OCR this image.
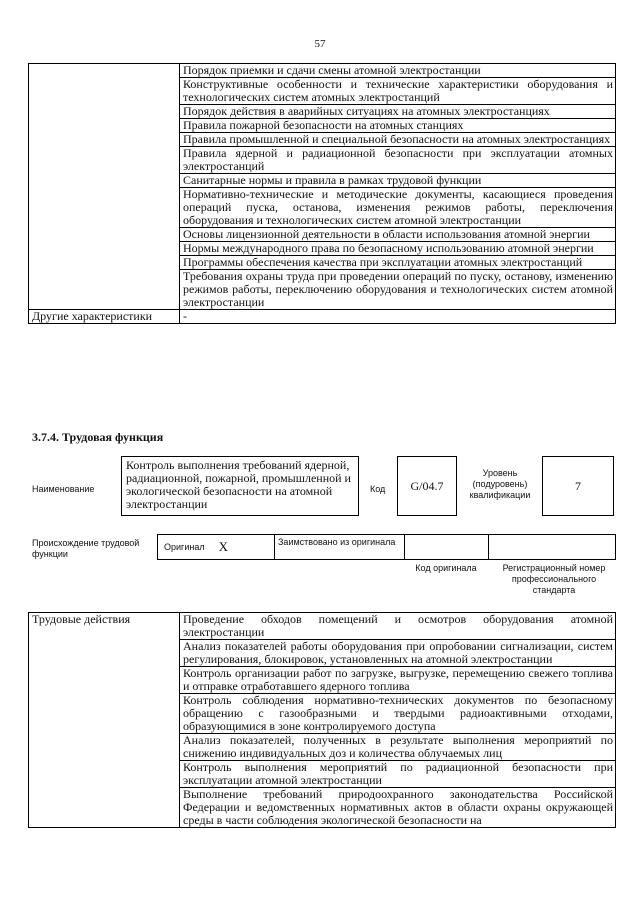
57
	Порядок приемки и сдачи смены атомной электростанции
	Конструктивные особенности и технические характеристики оборудования и технологических систем атомных электростанций
	Порядок действия в аварийных ситуациях на атомных электростанциях
	Правила пожарной безопасности на атомных станциях
	Правила промышленной и специальной безопасности на атомных электростанциях
	Правила ядерной и радиационной безопасности при эксплуатации атомных электростанций
	Санитарные нормы и правила в рамках трудовой функции
	Нормативно-технические и методические документы, касающиеся проведения операций пуска, останова, изменения режимов работы, переключения оборудования и технологических систем атомной электростанции
	Основы лицензионной деятельности в области использования атомной энергии
	Нормы международного права по безопасному использованию атомной энергии
	Программы обеспечения качества при эксплуатации атомных электростанций
	Требования охраны труда при проведении операций по пуску, останову, изменению режимов работы, переключению оборудования и технологических систем атомной электростанции
Другие характеристики	-
3.7.4. Трудовая функция
Наименование
Контроль выполнения требований ядерной, радиационной, пожарной, промышленной и экологической безопасности на атомной электростанции
Код	G/04.7
Уровень (подуровень) квалификации
7
Происхождение трудовой функции
Оригинал X	Заимствовано из оригинала
Код оригинала	Регистрационный номер профессионального стандарта
Трудовые действия	Проведение обходов помещений и осмотров оборудования атомной электростанции
Анализ показателей работы оборудования при опробовании сигнализации, систем регулирования, блокировок, установленных на атомной электростанции
Контроль организации работ по загрузке, выгрузке, перемещению свежего топлива и отправке отработавшего ядерного топлива
Контроль соблюдения нормативно-технических документов по безопасному обращению с газообразными и твердыми радиоактивными отходами, образующимися в зоне контролируемого доступа
Анализ показателей, полученных в результате выполнения мероприятий по снижению индивидуальных доз и количества облучаемых лиц
Контроль выполнения мероприятий по радиационной безопасности при эксплуатации атомной электростанции
Выполнение требований природоохранного законодательства Российской Федерации и ведомственных нормативных актов в области охраны окружающей среды в части соблюдения экологической безопасности на
